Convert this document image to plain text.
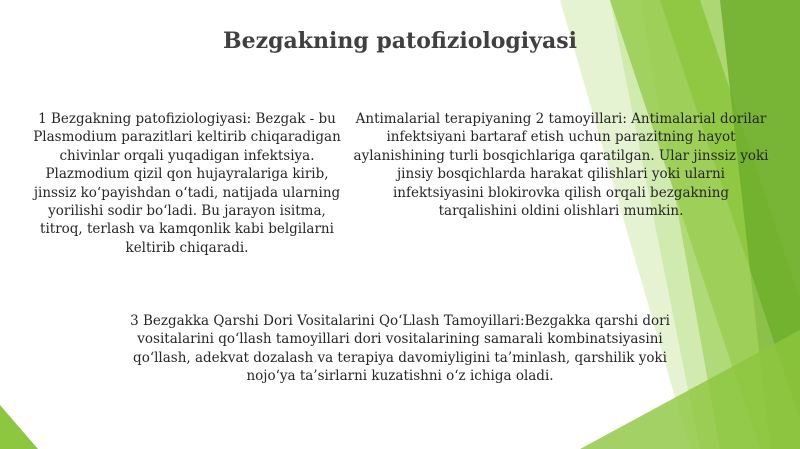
Bezgakning patofiziologiyasi

1 Bezgakning patofiziologiyasi: Bezgak - bu Plasmodium parazitlari keltirib chiqaradigan chivinlar orqali yuqadigan infektsiya. Plazmodium qizil qon hujayralariga kirib, jinssiz ko‘payishdan o‘tadi, natijada ularning yorilishi sodir bo‘ladi. Bu jarayon isitma, titroq, terlash va kamqonlik kabi belgilarni keltirib chiqaradi.

Antimalarial terapiyaning 2 tamoyillari: Antimalarial dorilar infektsiyani bartaraf etish uchun parazitning hayot aylanishining turli bosqichlariga qaratilgan. Ular jinssiz yoki jinsiy bosqichlarda harakat qilishlari yoki ularni infektsiyasini blokirovka qilish orqali bezgakning tarqalishini oldini olishlari mumkin.

3 Bezgakka Qarshi Dori Vositalarini Qo‘Llash Tamoyillari:Bezgakka qarshi dori vositalarini qo‘llash tamoyillari dori vositalarining samarali kombinatsiyasini qo‘llash, adekvat dozalash va terapiya davomiyligini ta’minlash, qarshilik yoki nojo‘ya ta’sirlarni kuzatishni o‘z ichiga oladi.
